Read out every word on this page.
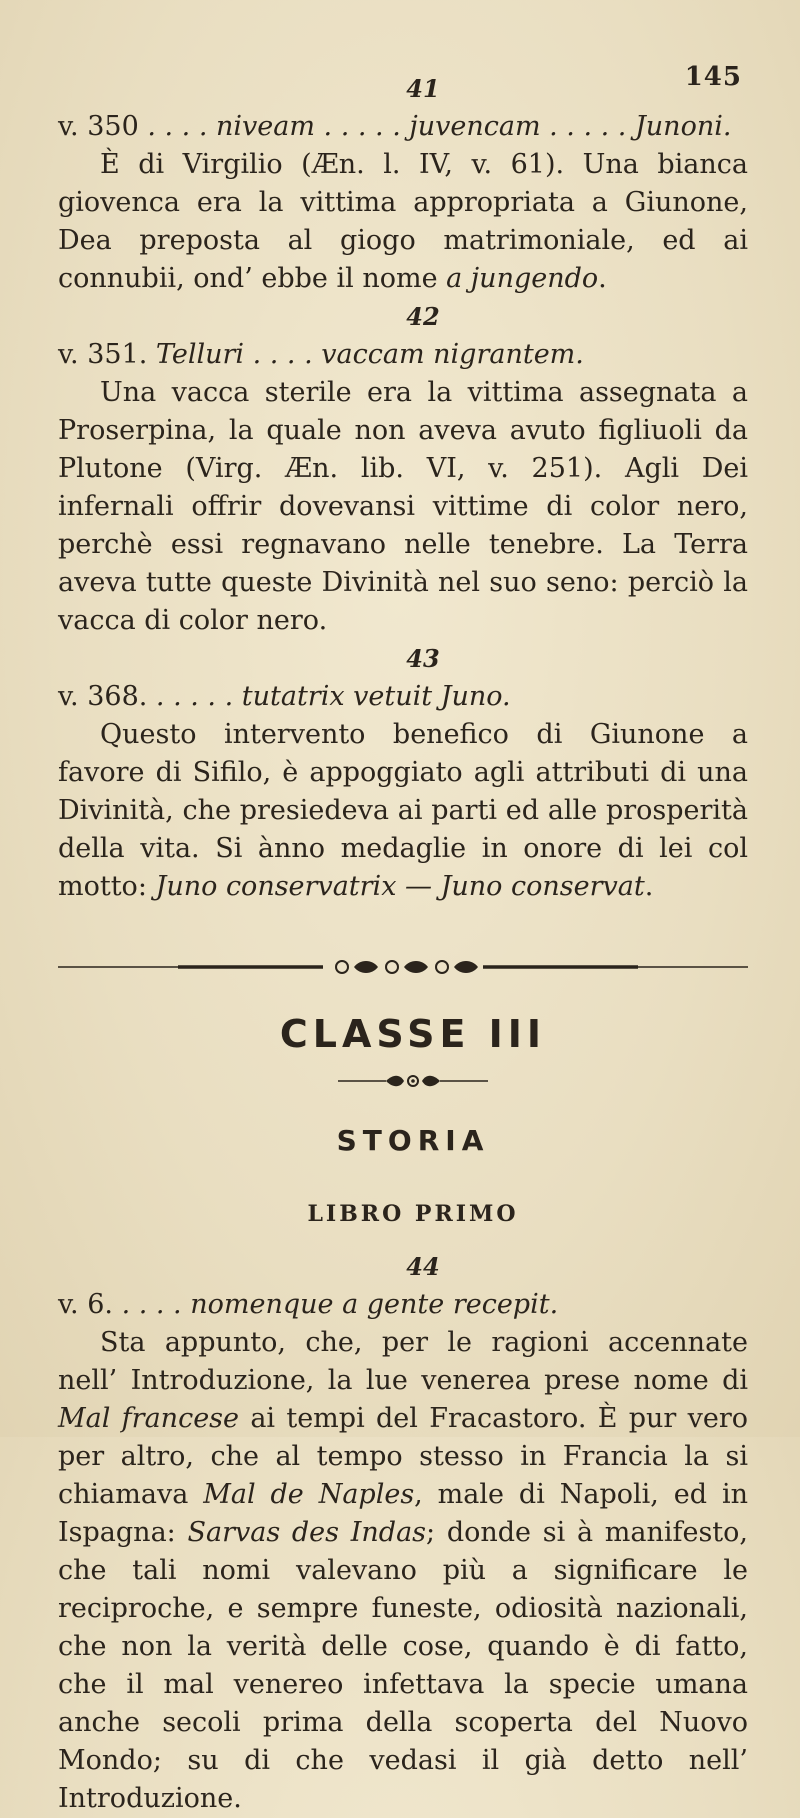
145

41

v. 350 . . . . niveam . . . . . juvencam . . . . . Junoni.

È di Virgilio (Æn. l. IV, v. 61). Una bianca giovenca era la vittima appropriata a Giunone, Dea preposta al giogo matrimoniale, ed ai connubii, ond’ ebbe il nome a jungendo.

42

v. 351. Telluri . . . . vaccam nigrantem.

Una vacca sterile era la vittima assegnata a Proserpina, la quale non aveva avuto figliuoli da Plutone (Virg. Æn. lib. VI, v. 251). Agli Dei infernali offrir dovevansi vittime di color nero, perchè essi regnavano nelle tenebre. La Terra aveva tutte queste Divinità nel suo seno: perciò la vacca di color nero.

43

v. 368. . . . . . tutatrix vetuit Juno.

Questo intervento benefico di Giunone a favore di Sifilo, è appoggiato agli attributi di una Divinità, che presiedeva ai parti ed alle prosperità della vita. Si ànno medaglie in onore di lei col motto: Juno conservatrix — Juno conservat.

CLASSE III

STORIA

LIBRO PRIMO

44

v. 6. . . . . nomenque a gente recepit.

Sta appunto, che, per le ragioni accennate nell’ Introduzione, la lue venerea prese nome di Mal francese ai tempi del Fracastoro. È pur vero per altro, che al tempo stesso in Francia la si chiamava Mal de Naples, male di Napoli, ed in Ispagna: Sarvas des Indas; donde si à manifesto, che tali nomi valevano più a significare le reciproche, e sempre funeste, odiosità nazionali, che non la verità delle cose, quando è di fatto, che il mal venereo infettava la specie umana anche secoli prima della scoperta del Nuovo Mondo; su di che vedasi il già detto nell’ Introduzione.
